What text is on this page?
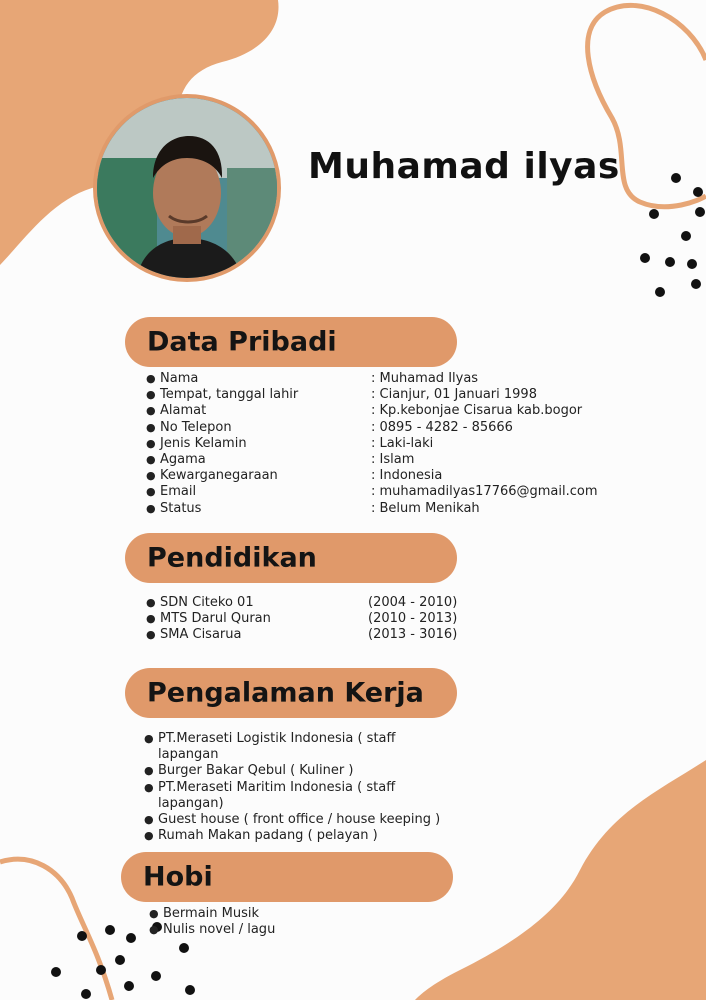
Muhamad ilyas
Data Pribadi
● Nama	: Muhamad Ilyas
● Tempat, tanggal lahir	: Cianjur, 01 Januari 1998
● Alamat	: Kp.kebonjae Cisarua kab.bogor
● No Telepon	: 0895 - 4282 - 85666
● Jenis Kelamin	: Laki-laki
● Agama	: Islam
● Kewarganegaraan	: Indonesia
● Email	: muhamadilyas17766@gmail.com
● Status	: Belum Menikah
Pendidikan
● SDN Citeko 01	(2004 - 2010)
● MTS Darul Quran	(2010 - 2013)
● SMA Cisarua	(2013 - 3016)
Pengalaman Kerja
● PT.Meraseti Logistik Indonesia ( staff
lapangan
● Burger Bakar Qebul ( Kuliner )
● PT.Meraseti Maritim Indonesia ( staff
lapangan)
● Guest house ( front office / house keeping )
● Rumah Makan padang ( pelayan )
Hobi
● Bermain Musik
● Nulis novel / lagu
